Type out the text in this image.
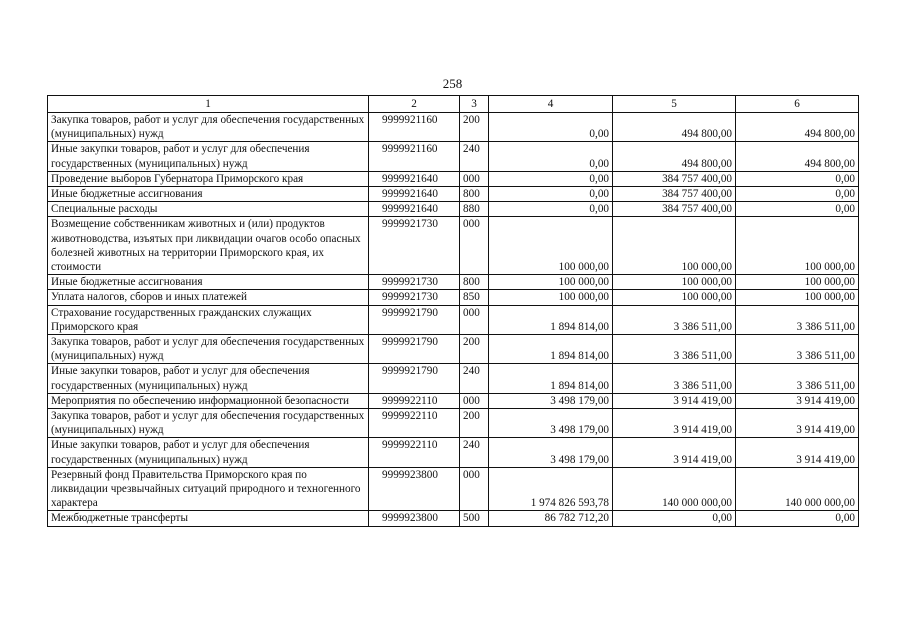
258
1	2	3	4	5	6
Закупка товаров, работ и услуг для обеспечения государственных (муниципальных) нужд	9999921160	200	0,00	494 800,00	494 800,00
Иные закупки товаров, работ и услуг для обеспечения государственных (муниципальных) нужд	9999921160	240	0,00	494 800,00	494 800,00
Проведение выборов Губернатора Приморского края	9999921640	000	0,00	384 757 400,00	0,00
Иные бюджетные ассигнования	9999921640	800	0,00	384 757 400,00	0,00
Специальные расходы	9999921640	880	0,00	384 757 400,00	0,00
Возмещение собственникам животных и (или) продуктов животноводства, изъятых при ликвидации очагов особо опасных болезней животных на территории Приморского края, их стоимости	9999921730	000	100 000,00	100 000,00	100 000,00
Иные бюджетные ассигнования	9999921730	800	100 000,00	100 000,00	100 000,00
Уплата налогов, сборов и иных платежей	9999921730	850	100 000,00	100 000,00	100 000,00
Страхование государственных гражданских служащих Приморского края	9999921790	000	1 894 814,00	3 386 511,00	3 386 511,00
Закупка товаров, работ и услуг для обеспечения государственных (муниципальных) нужд	9999921790	200	1 894 814,00	3 386 511,00	3 386 511,00
Иные закупки товаров, работ и услуг для обеспечения государственных (муниципальных) нужд	9999921790	240	1 894 814,00	3 386 511,00	3 386 511,00
Мероприятия по обеспечению информационной безопасности	9999922110	000	3 498 179,00	3 914 419,00	3 914 419,00
Закупка товаров, работ и услуг для обеспечения государственных (муниципальных) нужд	9999922110	200	3 498 179,00	3 914 419,00	3 914 419,00
Иные закупки товаров, работ и услуг для обеспечения государственных (муниципальных) нужд	9999922110	240	3 498 179,00	3 914 419,00	3 914 419,00
Резервный фонд Правительства Приморского края по ликвидации чрезвычайных ситуаций природного и техногенного характера	9999923800	000	1 974 826 593,78	140 000 000,00	140 000 000,00
Межбюджетные трансферты	9999923800	500	86 782 712,20	0,00	0,00
